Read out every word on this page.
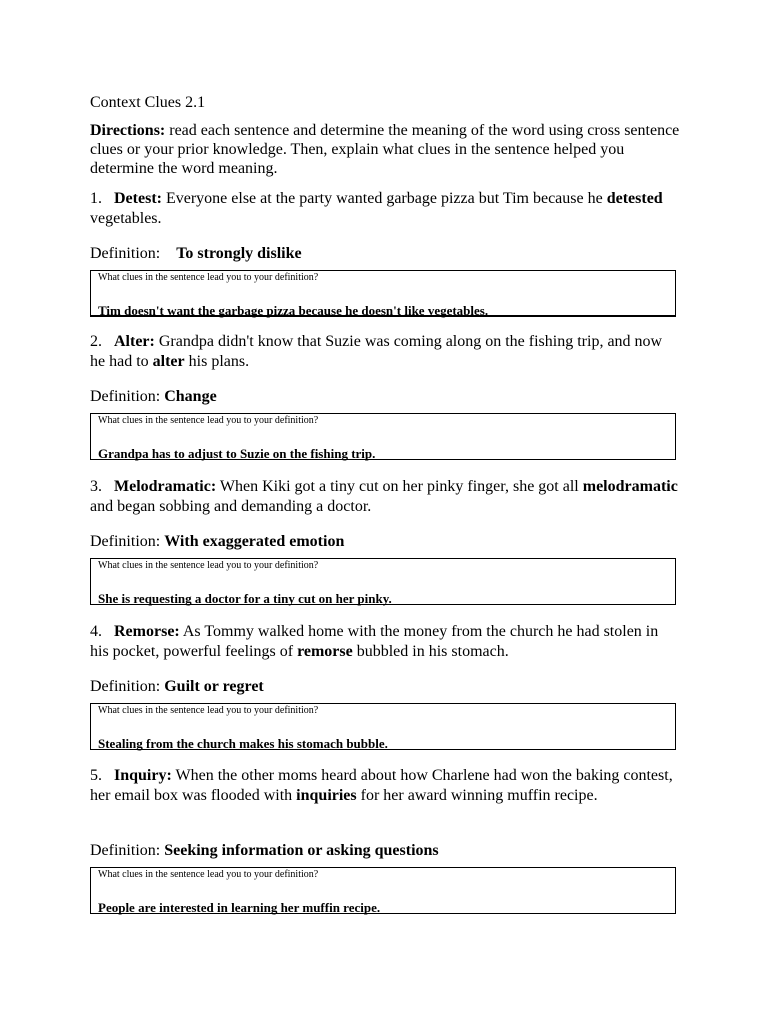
Context Clues 2.1
Directions: read each sentence and determine the meaning of the word using cross sentence clues or your prior knowledge. Then, explain what clues in the sentence helped you determine the word meaning.
1. Detest: Everyone else at the party wanted garbage pizza but Tim because he detested vegetables.
Definition: To strongly dislike
What clues in the sentence lead you to your definition?
Tim doesn't want the garbage pizza because he doesn't like vegetables.
2. Alter: Grandpa didn't know that Suzie was coming along on the fishing trip, and now he had to alter his plans.
Definition: Change
What clues in the sentence lead you to your definition?
Grandpa has to adjust to Suzie on the fishing trip.
3. Melodramatic: When Kiki got a tiny cut on her pinky finger, she got all melodramatic and began sobbing and demanding a doctor.
Definition: With exaggerated emotion
What clues in the sentence lead you to your definition?
She is requesting a doctor for a tiny cut on her pinky.
4. Remorse: As Tommy walked home with the money from the church he had stolen in his pocket, powerful feelings of remorse bubbled in his stomach.
Definition: Guilt or regret
What clues in the sentence lead you to your definition?
Stealing from the church makes his stomach bubble.
5. Inquiry: When the other moms heard about how Charlene had won the baking contest, her email box was flooded with inquiries for her award winning muffin recipe.
Definition: Seeking information or asking questions
What clues in the sentence lead you to your definition?
People are interested in learning her muffin recipe.
